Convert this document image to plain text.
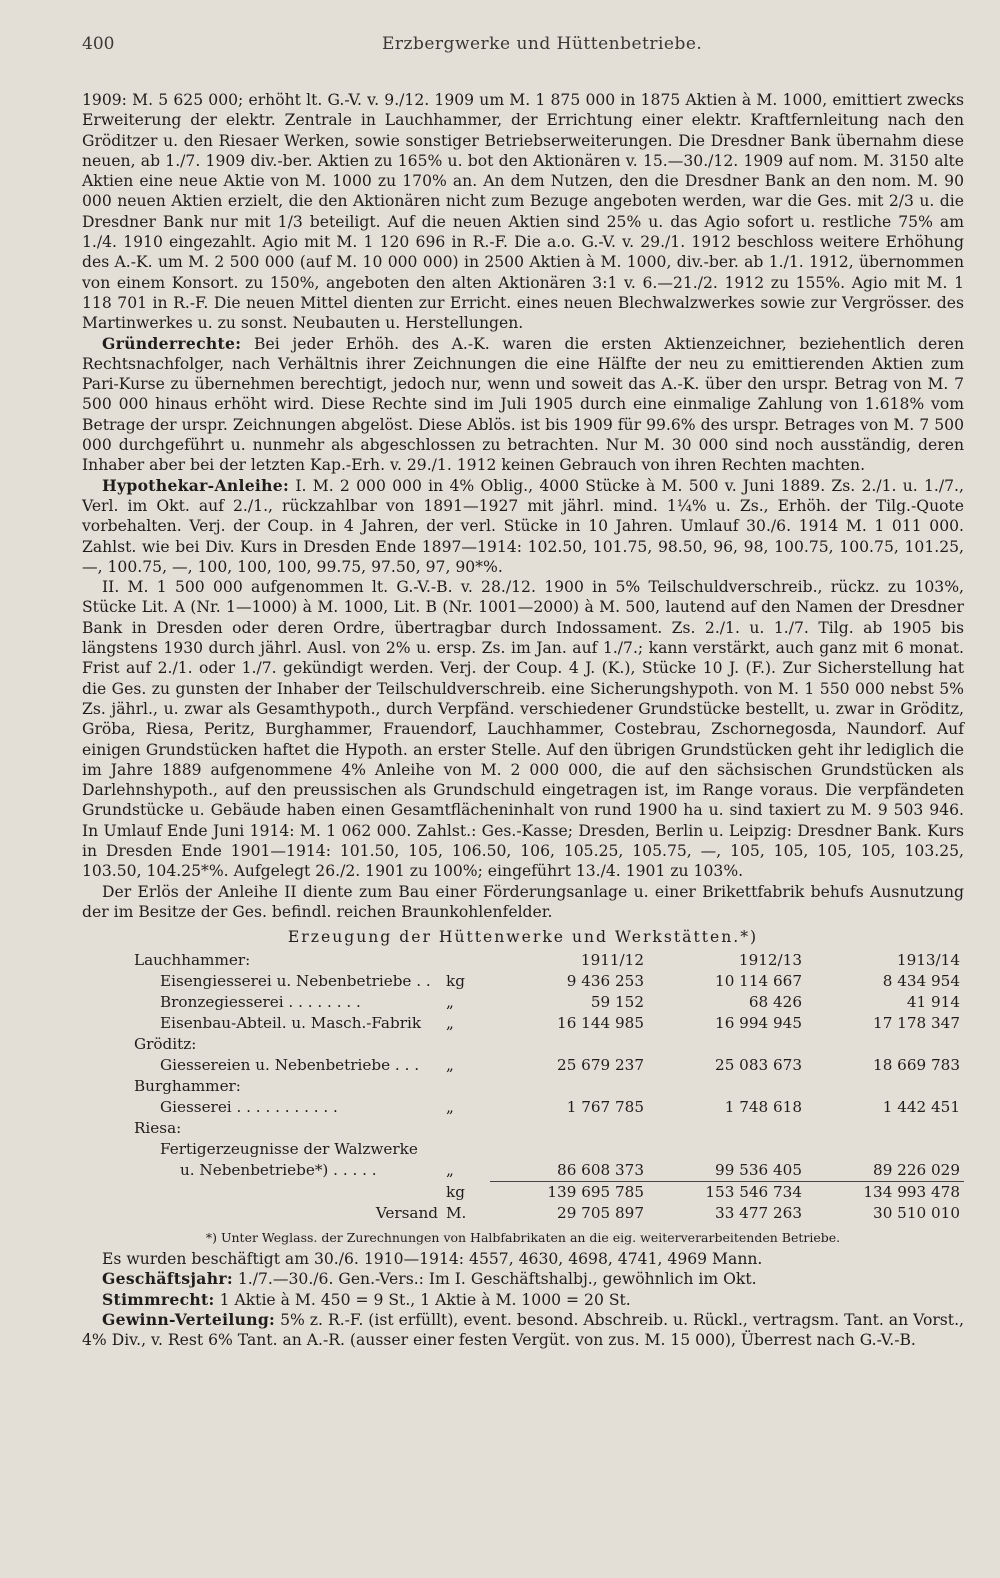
400	Erzbergwerke und Hüttenbetriebe.

1909: M. 5 625 000; erhöht lt. G.-V. v. 9./12. 1909 um M. 1 875 000 in 1875 Aktien à M. 1000, emittiert zwecks Erweiterung der elektr. Zentrale in Lauchhammer, der Errichtung einer elektr. Kraftfernleitung nach den Gröditzer u. den Riesaer Werken, sowie sonstiger Betriebserweiterungen. Die Dresdner Bank übernahm diese neuen, ab 1./7. 1909 div.-ber. Aktien zu 165% u. bot den Aktionären v. 15.—30./12. 1909 auf nom. M. 3150 alte Aktien eine neue Aktie von M. 1000 zu 170% an. An dem Nutzen, den die Dresdner Bank an den nom. M. 90 000 neuen Aktien erzielt, die den Aktionären nicht zum Bezuge angeboten werden, war die Ges. mit 2/3 u. die Dresdner Bank nur mit 1/3 beteiligt. Auf die neuen Aktien sind 25% u. das Agio sofort u. restliche 75% am 1./4. 1910 eingezahlt. Agio mit M. 1 120 696 in R.-F. Die a.o. G.-V. v. 29./1. 1912 beschloss weitere Erhöhung des A.-K. um M. 2 500 000 (auf M. 10 000 000) in 2500 Aktien à M. 1000, div.-ber. ab 1./1. 1912, übernommen von einem Konsort. zu 150%, angeboten den alten Aktionären 3:1 v. 6.—21./2. 1912 zu 155%. Agio mit M. 1 118 701 in R.-F. Die neuen Mittel dienten zur Erricht. eines neuen Blechwalzwerkes sowie zur Vergrösser. des Martinwerkes u. zu sonst. Neubauten u. Herstellungen.

Gründerrechte: Bei jeder Erhöh. des A.-K. waren die ersten Aktienzeichner, beziehentlich deren Rechtsnachfolger, nach Verhältnis ihrer Zeichnungen die eine Hälfte der neu zu emittierenden Aktien zum Pari-Kurse zu übernehmen berechtigt, jedoch nur, wenn und soweit das A.-K. über den urspr. Betrag von M. 7 500 000 hinaus erhöht wird. Diese Rechte sind im Juli 1905 durch eine einmalige Zahlung von 1.618% vom Betrage der urspr. Zeichnungen abgelöst. Diese Ablös. ist bis 1909 für 99.6% des urspr. Betrages von M. 7 500 000 durchgeführt u. nunmehr als abgeschlossen zu betrachten. Nur M. 30 000 sind noch ausständig, deren Inhaber aber bei der letzten Kap.-Erh. v. 29./1. 1912 keinen Gebrauch von ihren Rechten machten.

Hypothekar-Anleihe: I. M. 2 000 000 in 4% Oblig., 4000 Stücke à M. 500 v. Juni 1889. Zs. 2./1. u. 1./7., Verl. im Okt. auf 2./1., rückzahlbar von 1891—1927 mit jährl. mind. 1¼% u. Zs., Erhöh. der Tilg.-Quote vorbehalten. Verj. der Coup. in 4 Jahren, der verl. Stücke in 10 Jahren. Umlauf 30./6. 1914 M. 1 011 000. Zahlst. wie bei Div. Kurs in Dresden Ende 1897—1914: 102.50, 101.75, 98.50, 96, 98, 100.75, 100.75, 101.25, —, 100.75, —, 100, 100, 100, 99.75, 97.50, 97, 90*%.

II. M. 1 500 000 aufgenommen lt. G.-V.-B. v. 28./12. 1900 in 5% Teilschuldverschreib., rückz. zu 103%, Stücke Lit. A (Nr. 1—1000) à M. 1000, Lit. B (Nr. 1001—2000) à M. 500, lautend auf den Namen der Dresdner Bank in Dresden oder deren Ordre, übertragbar durch Indossament. Zs. 2./1. u. 1./7. Tilg. ab 1905 bis längstens 1930 durch jährl. Ausl. von 2% u. ersp. Zs. im Jan. auf 1./7.; kann verstärkt, auch ganz mit 6 monat. Frist auf 2./1. oder 1./7. gekündigt werden. Verj. der Coup. 4 J. (K.), Stücke 10 J. (F.). Zur Sicherstellung hat die Ges. zu gunsten der Inhaber der Teilschuldverschreib. eine Sicherungshypoth. von M. 1 550 000 nebst 5% Zs. jährl., u. zwar als Gesamthypoth., durch Verpfänd. verschiedener Grundstücke bestellt, u. zwar in Gröditz, Gröba, Riesa, Peritz, Burghammer, Frauendorf, Lauchhammer, Costebrau, Zschornegosda, Naundorf. Auf einigen Grundstücken haftet die Hypoth. an erster Stelle. Auf den übrigen Grundstücken geht ihr lediglich die im Jahre 1889 aufgenommene 4% Anleihe von M. 2 000 000, die auf den sächsischen Grundstücken als Darlehnshypoth., auf den preussischen als Grundschuld eingetragen ist, im Range voraus. Die verpfändeten Grundstücke u. Gebäude haben einen Gesamtflächeninhalt von rund 1900 ha u. sind taxiert zu M. 9 503 946. In Umlauf Ende Juni 1914: M. 1 062 000. Zahlst.: Ges.-Kasse; Dresden, Berlin u. Leipzig: Dresdner Bank. Kurs in Dresden Ende 1901—1914: 101.50, 105, 106.50, 106, 105.25, 105.75, —, 105, 105, 105, 105, 103.25, 103.50, 104.25*%. Aufgelegt 26./2. 1901 zu 100%; eingeführt 13./4. 1901 zu 103%.

Der Erlös der Anleihe II diente zum Bau einer Förderungsanlage u. einer Brikettfabrik behufs Ausnutzung der im Besitze der Ges. befindl. reichen Braunkohlenfelder.

Erzeugung der Hüttenwerke und Werkstätten.*)
Lauchhammer:		1911/12	1912/13	1913/14
Eisengiesserei u. Nebenbetriebe . .	kg	9 436 253	10 114 667	8 434 954
Bronzegiesserei . . . . . . . .	„	59 152	68 426	41 914
Eisenbau-Abteil. u. Masch.-Fabrik	„	16 144 985	16 994 945	17 178 347
Gröditz:				
Giessereien u. Nebenbetriebe . . .	„	25 679 237	25 083 673	18 669 783
Burghammer:				
Giesserei . . . . . . . . . . .	„	1 767 785	1 748 618	1 442 451
Riesa:				
Fertigerzeugnisse der Walzwerke				
u. Nebenbetriebe*) . . . . .	„	86 608 373	99 536 405	89 226 029
	kg	139 695 785	153 546 734	134 993 478
Versand	M.	29 705 897	33 477 263	30 510 010
*) Unter Weglass. der Zurechnungen von Halbfabrikaten an die eig. weiterverarbeitenden Betriebe.

Es wurden beschäftigt am 30./6. 1910—1914: 4557, 4630, 4698, 4741, 4969 Mann.

Geschäftsjahr: 1./7.—30./6. Gen.-Vers.: Im I. Geschäftshalbj., gewöhnlich im Okt.

Stimmrecht: 1 Aktie à M. 450 = 9 St., 1 Aktie à M. 1000 = 20 St.

Gewinn-Verteilung: 5% z. R.-F. (ist erfüllt), event. besond. Abschreib. u. Rückl., vertragsm. Tant. an Vorst., 4% Div., v. Rest 6% Tant. an A.-R. (ausser einer festen Vergüt. von zus. M. 15 000), Überrest nach G.-V.-B.
